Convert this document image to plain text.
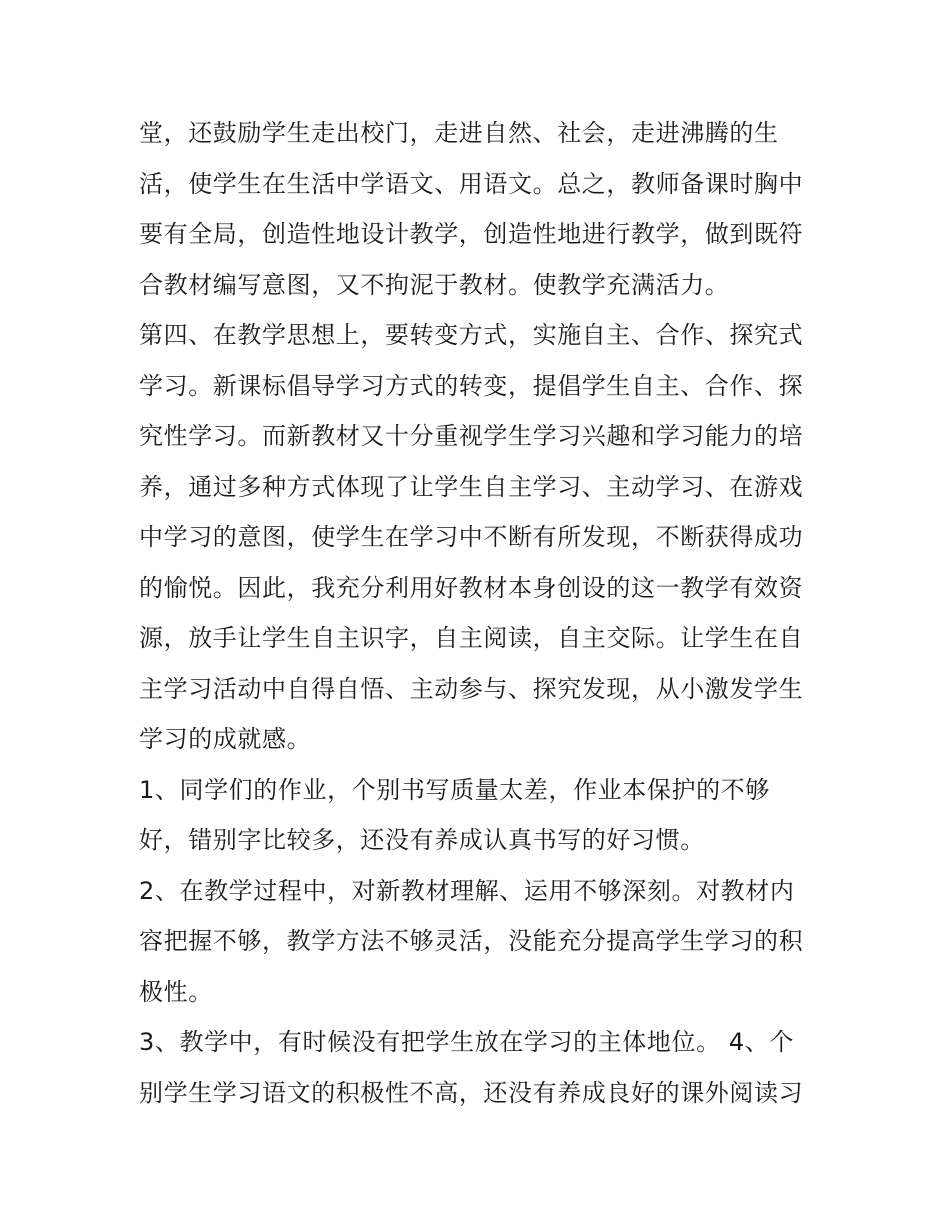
堂，还鼓励学生走出校门，走进自然、社会，走进沸腾的生
活，使学生在生活中学语文、用语文。总之，教师备课时胸中
要有全局，创造性地设计教学，创造性地进行教学，做到既符
合教材编写意图，又不拘泥于教材。使教学充满活力。
第四、在教学思想上，要转变方式，实施自主、合作、探究式
学习。新课标倡导学习方式的转变，提倡学生自主、合作、探
究性学习。而新教材又十分重视学生学习兴趣和学习能力的培
养，通过多种方式体现了让学生自主学习、主动学习、在游戏
中学习的意图，使学生在学习中不断有所发现，不断获得成功
的愉悦。因此，我充分利用好教材本身创设的这一教学有效资
源，放手让学生自主识字，自主阅读，自主交际。让学生在自
主学习活动中自得自悟、主动参与、探究发现，从小激发学生
学习的成就感。
1、同学们的作业，个别书写质量太差，作业本保护的不够
好，错别字比较多，还没有养成认真书写的好习惯。
2、在教学过程中，对新教材理解、运用不够深刻。对教材内
容把握不够，教学方法不够灵活，没能充分提高学生学习的积
极性。
3、教学中，有时候没有把学生放在学习的主体地位。 4、个
别学生学习语文的积极性不高，还没有养成良好的课外阅读习
